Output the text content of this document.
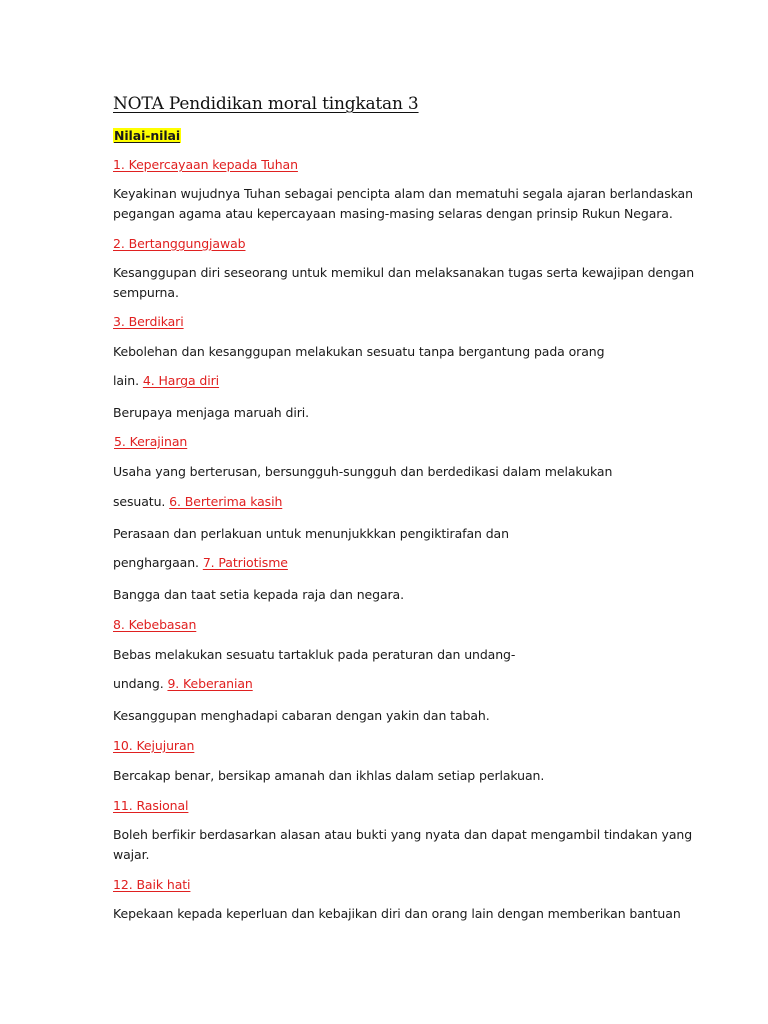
NOTA Pendidikan moral tingkatan 3
Nilai-nilai
1. Kepercayaan kepada Tuhan
Keyakinan wujudnya Tuhan sebagai pencipta alam dan mematuhi segala ajaran berlandaskan
pegangan agama atau kepercayaan masing-masing selaras dengan prinsip Rukun Negara.
2. Bertanggungjawab
Kesanggupan diri seseorang untuk memikul dan melaksanakan tugas serta kewajipan dengan
sempurna.
3. Berdikari
Kebolehan dan kesanggupan melakukan sesuatu tanpa bergantung pada orang
lain. 4. Harga diri
Berupaya menjaga maruah diri.
5. Kerajinan
Usaha yang berterusan, bersungguh-sungguh dan berdedikasi dalam melakukan
sesuatu. 6. Berterima kasih
Perasaan dan perlakuan untuk menunjukkkan pengiktirafan dan
penghargaan. 7. Patriotisme
Bangga dan taat setia kepada raja dan negara.
8. Kebebasan
Bebas melakukan sesuatu tartakluk pada peraturan dan undang-
undang. 9. Keberanian
Kesanggupan menghadapi cabaran dengan yakin dan tabah.
10. Kejujuran
Bercakap benar, bersikap amanah dan ikhlas dalam setiap perlakuan.
11. Rasional
Boleh berfikir berdasarkan alasan atau bukti yang nyata dan dapat mengambil tindakan yang
wajar.
12. Baik hati
Kepekaan kepada keperluan dan kebajikan diri dan orang lain dengan memberikan bantuan
